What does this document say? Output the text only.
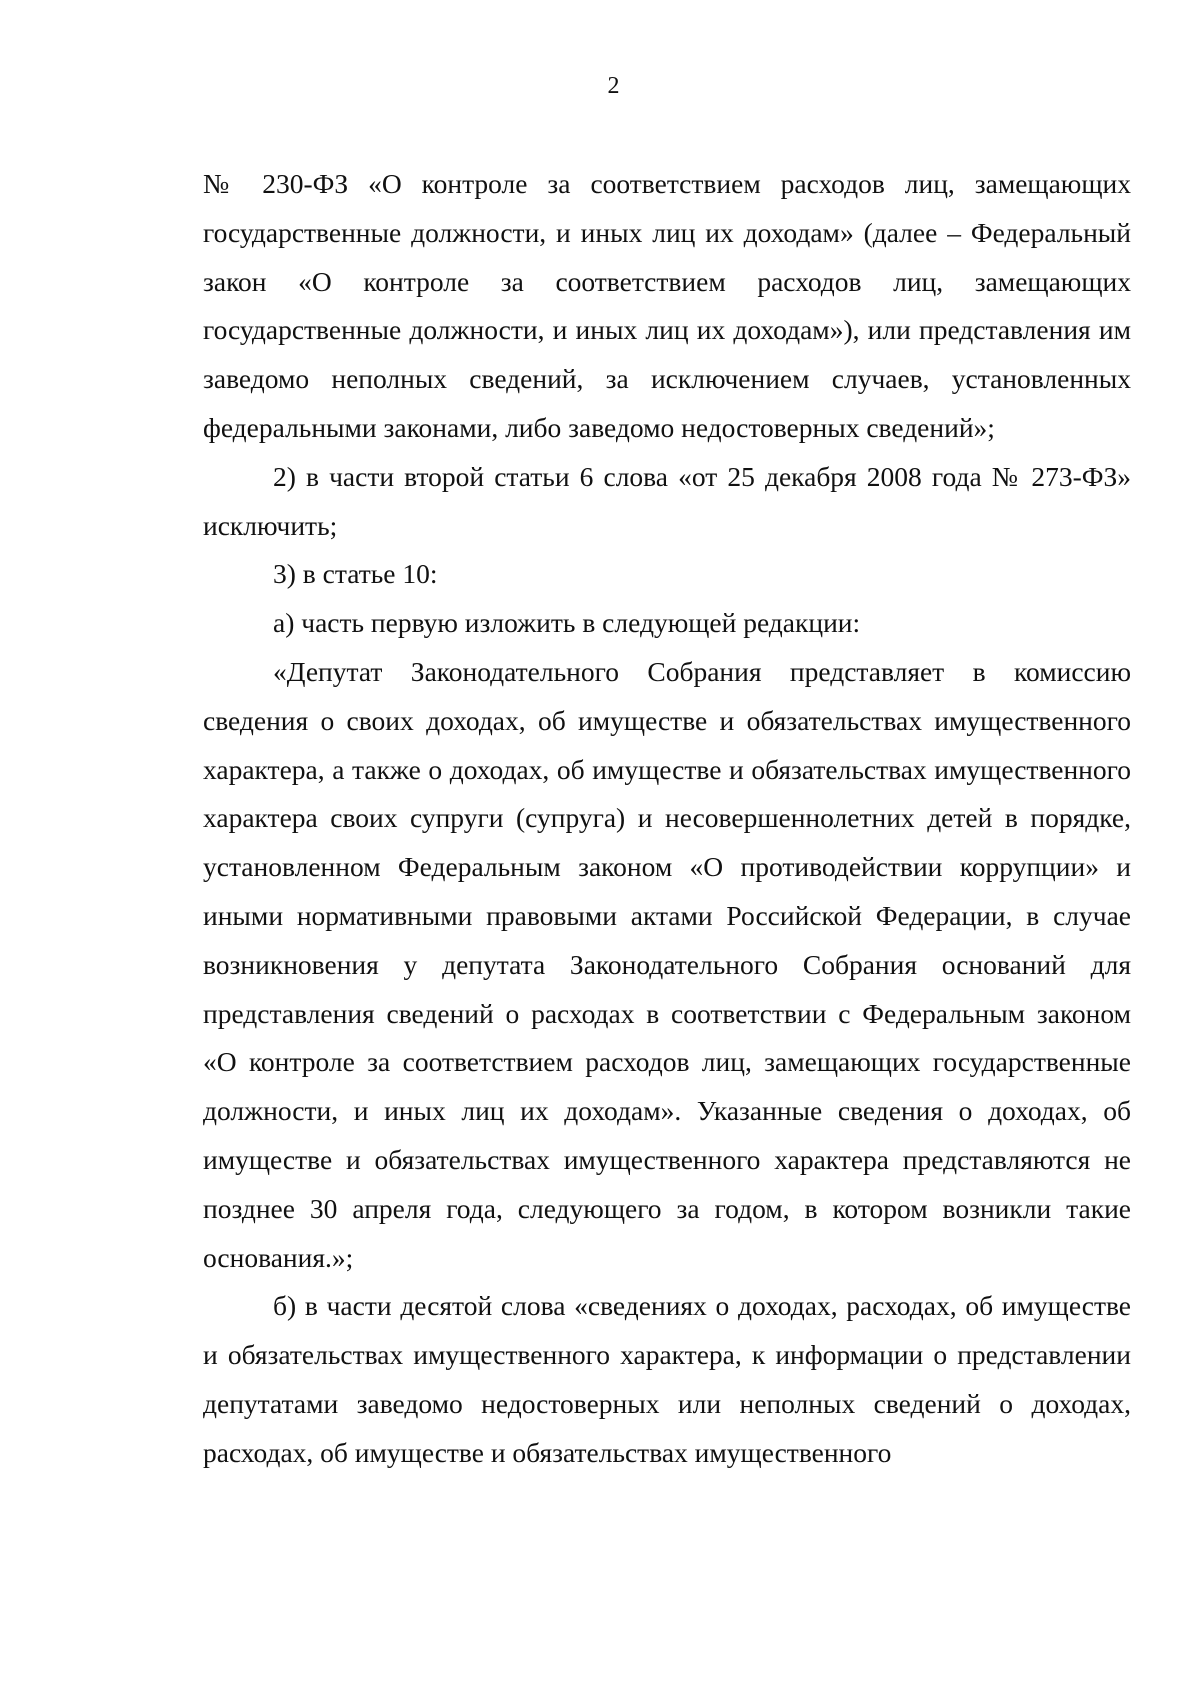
2

№ 230-ФЗ «О контроле за соответствием расходов лиц, замещающих государственные должности, и иных лиц их доходам» (далее – Федеральный закон «О контроле за соответствием расходов лиц, замещающих государственные должности, и иных лиц их доходам»), или представления им заведомо неполных сведений, за исключением случаев, установленных федеральными законами, либо заведомо недостоверных сведений»;

2) в части второй статьи 6 слова «от 25 декабря 2008 года № 273-ФЗ» исключить;

3) в статье 10:

а) часть первую изложить в следующей редакции:

«Депутат Законодательного Собрания представляет в комиссию сведения о своих доходах, об имуществе и обязательствах имущественного характера, а также о доходах, об имуществе и обязательствах имущественного характера своих супруги (супруга) и несовершеннолетних детей в порядке, установленном Федеральным законом «О противодействии коррупции» и иными нормативными правовыми актами Российской Федерации, в случае возникновения у депутата Законодательного Собрания оснований для представления сведений о расходах в соответствии с Федеральным законом «О контроле за соответствием расходов лиц, замещающих государственные должности, и иных лиц их доходам». Указанные сведения о доходах, об имуществе и обязательствах имущественного характера представляются не позднее 30 апреля года, следующего за годом, в котором возникли такие основания.»;

б) в части десятой слова «сведениях о доходах, расходах, об имуществе и обязательствах имущественного характера, к информации о представлении депутатами заведомо недостоверных или неполных сведений о доходах, расходах, об имуществе и обязательствах имущественного
